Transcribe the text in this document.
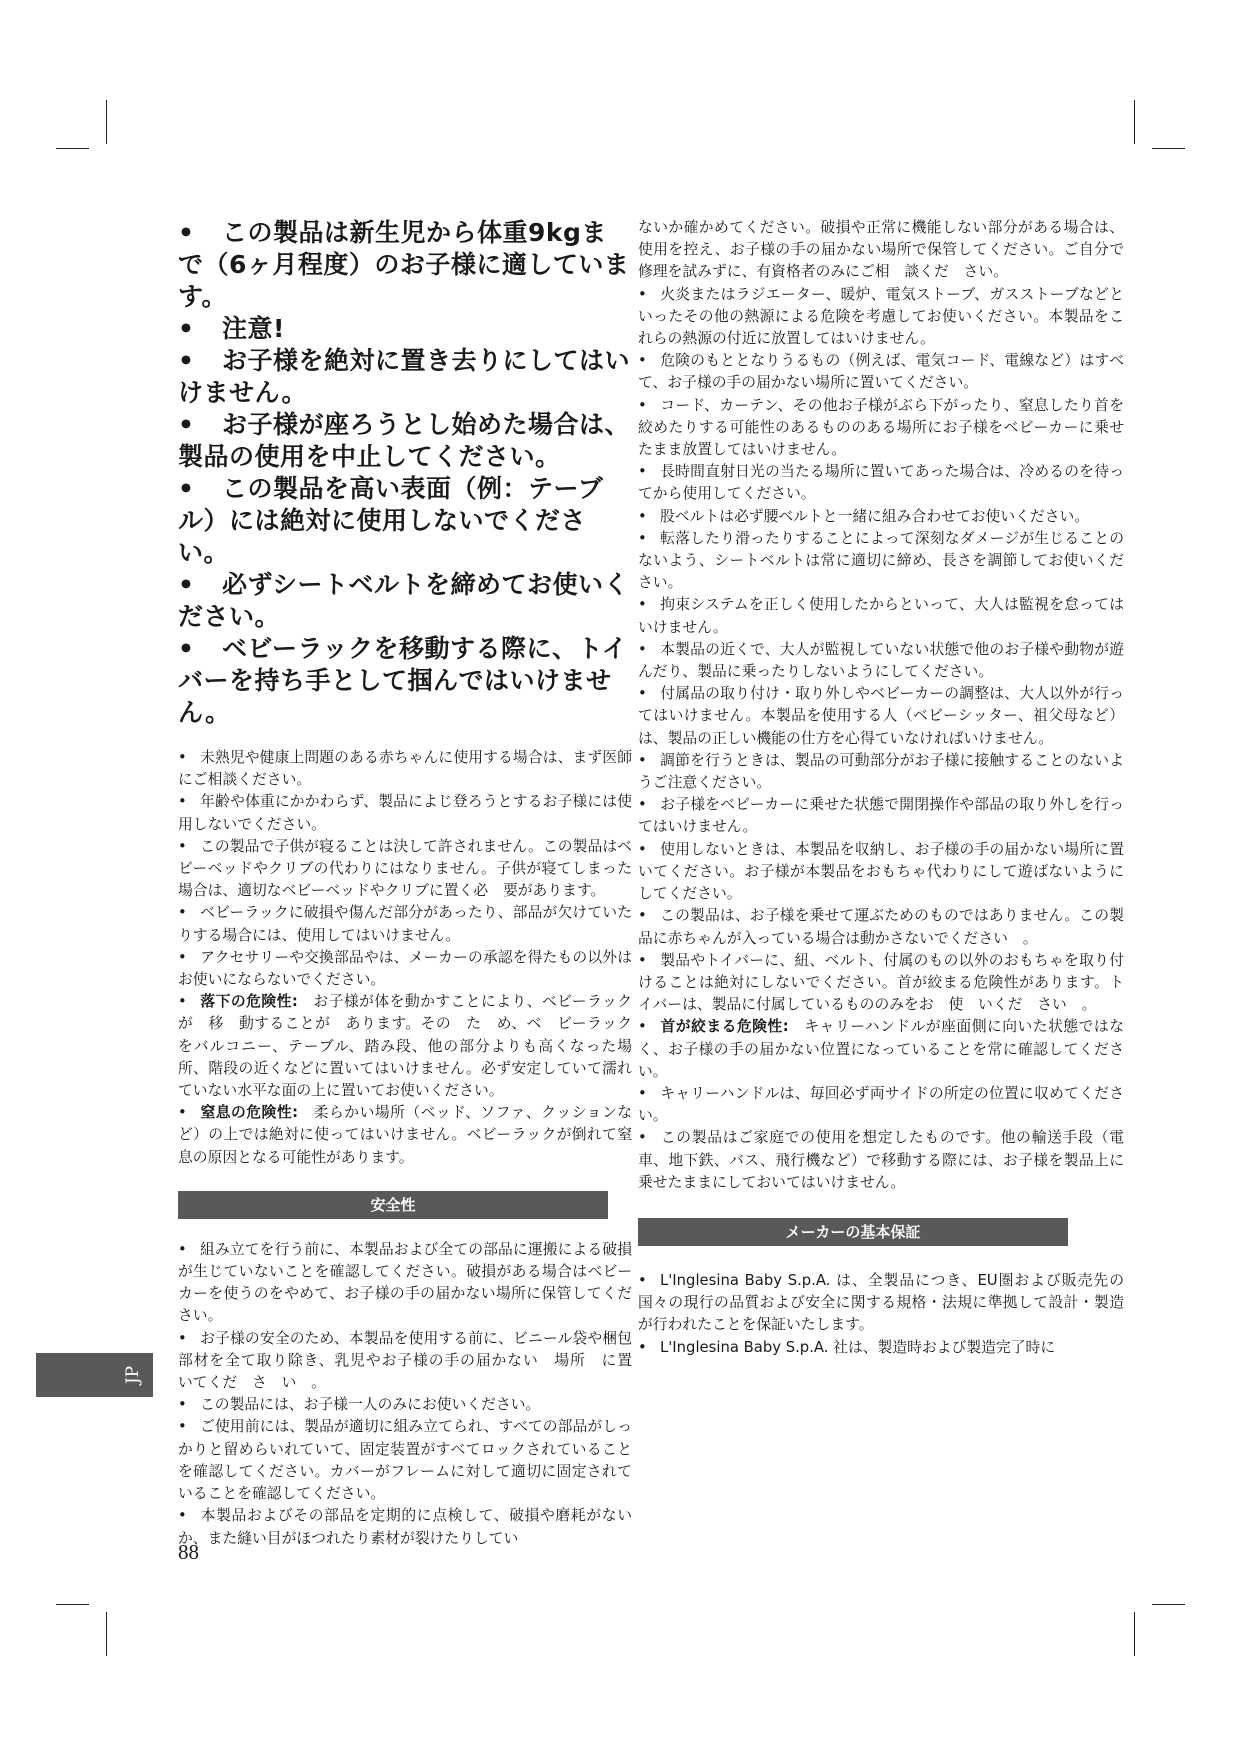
• この製品は新生児から体重9kgまで（6ヶ月程度）のお子様に適しています。
• 注意!
• お子様を絶対に置き去りにしてはいけません。
• お子様が座ろうとし始めた場合は、製品の使用を中止してください。
• この製品を高い表面（例：テーブル）には絶対に使用しないでください。
• 必ずシートベルトを締めてお使いください。
• ベビーラックを移動する際に、トイバーを持ち手として掴んではいけません。
• 未熟児や健康上問題のある赤ちゃんに使用する場合は、まず医師にご相談ください。
• 年齢や体重にかかわらず、製品によじ登ろうとするお子様には使用しないでください。
• この製品で子供が寝ることは決して許されません。この製品はベビーベッドやクリブの代わりにはなりません。子供が寝てしまった場合は、適切なベビーベッドやクリブに置く必　要があります。
• ベビーラックに破損や傷んだ部分があったり、部品が欠けていたりする場合には、使用してはいけません。
• アクセサリーや交換部品やは、メーカーの承認を得たもの以外はお使いにならないでください。
• 落下の危険性:　お子様が体を動かすことにより、ベビーラックが　移　動することが　あります。その　た　め、ベ　ビーラックをバルコニー、テーブル、踏み段、他の部分よりも高くなった場所、階段の近くなどに置いてはいけません。必ず安定していて濡れていない水平な面の上に置いてお使いください。
• 窒息の危険性:　柔らかい場所（ベッド、ソファ、クッションなど）の上では絶対に使ってはいけません。ベビーラックが倒れて窒息の原因となる可能性があります。
安全性
• 組み立てを行う前に、本製品および全ての部品に運搬による破損が生じていないことを確認してください。破損がある場合はベビーカーを使うのをやめて、お子様の手の届かない場所に保管してください。
• お子様の安全のため、本製品を使用する前に、ビニール袋や梱包部材を全て取り除き、乳児やお子様の手の届かない　場所　に置　いてくだ　さ　い　。
• この製品には、お子様一人のみにお使いください。
• ご使用前には、製品が適切に組み立てられ、すべての部品がしっかりと留めらいれていて、固定装置がすべてロックされていることを確認してください。カバーがフレームに対して適切に固定されていることを確認してください。
• 本製品およびその部品を定期的に点検して、破損や磨耗がないか、また縫い目がほつれたり素材が裂けたりしてい
ないか確かめてください。破損や正常に機能しない部分がある場合は、使用を控え、お子様の手の届かない場所で保管してください。ご自分で修理を試みずに、有資格者のみにご相　談くだ　さい。
• 火炎またはラジエーター、暖炉、電気ストーブ、ガスストーブなどといったその他の熱源による危険を考慮してお使いください。本製品をこれらの熱源の付近に放置してはいけません。
• 危険のもととなりうるもの（例えば、電気コード、電線など）はすべて、お子様の手の届かない場所に置いてください。
• コード、カーテン、その他お子様がぶら下がったり、窒息したり首を絞めたりする可能性のあるもののある場所にお子様をベビーカーに乗せたまま放置してはいけません。
• 長時間直射日光の当たる場所に置いてあった場合は、冷めるのを待ってから使用してください。
• 股ベルトは必ず腰ベルトと一緒に組み合わせてお使いください。
• 転落したり滑ったりすることによって深刻なダメージが生じることのないよう、シートベルトは常に適切に締め、長さを調節してお使いください。
• 拘束システムを正しく使用したからといって、大人は監視を怠ってはいけません。
• 本製品の近くで、大人が監視していない状態で他のお子様や動物が遊んだり、製品に乗ったりしないようにしてください。
• 付属品の取り付け・取り外しやベビーカーの調整は、大人以外が行ってはいけません。本製品を使用する人（ベビーシッター、祖父母など）は、製品の正しい機能の仕方を心得ていなければいけません。
• 調節を行うときは、製品の可動部分がお子様に接触することのないようご注意ください。
• お子様をベビーカーに乗せた状態で開閉操作や部品の取り外しを行ってはいけません。
• 使用しないときは、本製品を収納し、お子様の手の届かない場所に置いてください。お子様が本製品をおもちゃ代わりにして遊ばないようにしてください。
• この製品は、お子様を乗せて運ぶためのものではありません。この製品に赤ちゃんが入っている場合は動かさないでください　。
• 製品やトイバーに、紐、ベルト、付属のもの以外のおもちゃを取り付けることは絶対にしないでください。首が絞まる危険性があります。トイバーは、製品に付属しているもののみをお　使　いくだ　さい　。
• 首が絞まる危険性:　キャリーハンドルが座面側に向いた状態ではなく、お子様の手の届かない位置になっていることを常に確認してください。
• キャリーハンドルは、毎回必ず両サイドの所定の位置に収めてください。
• この製品はご家庭での使用を想定したものです。他の輸送手段（電車、地下鉄、バス、飛行機など）で移動する際には、お子様を製品上に乗せたままにしておいてはいけません。
メーカーの基本保証
• L'Inglesina Baby S.p.A. は、全製品につき、EU圏および販売先の国々の現行の品質および安全に関する規格・法規に準拠して設計・製造が行われたことを保証いたします。
• L'Inglesina Baby S.p.A. 社は、製造時および製造完了時に
JP
88
